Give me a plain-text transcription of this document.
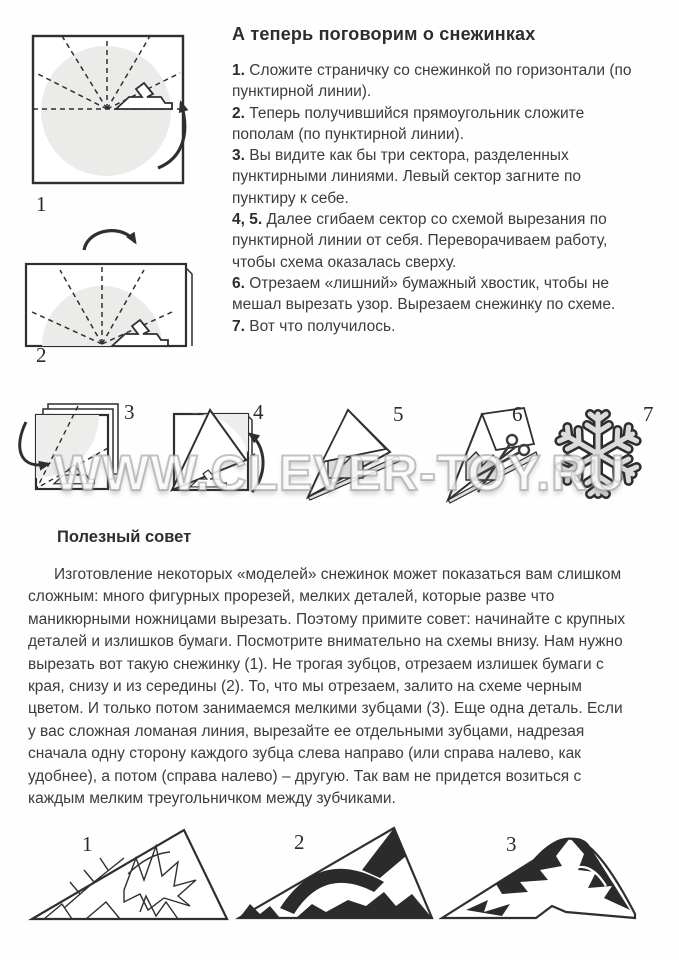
1
А теперь поговорим о снежинках

1. Сложите страничку со снежинкой по горизонтали (по пунктирной линии).

2. Теперь получившийся прямоугольник сложите пополам (по пунктирной линии).

3. Вы видите как бы три сектора, разделенных пунктирными линиями. Левый сектор загните по пунктиру к себе.

4, 5. Далее сгибаем сектор со схемой вырезания по пунктирной линии от себя. Переворачиваем работу, чтобы схема оказалась сверху.

6. Отрезаем «лишний» бумажный хвостик, чтобы не мешал вырезать узор. Вырезаем снежинку по схеме.

7. Вот что получилось.

2
3	4	5	6	7
WWW.CLEVER-TOY.RU
Полезный совет

Изготовление некоторых «моделей» снежинок может показаться вам слишком сложным: много фигурных прорезей, мелких деталей, которые разве что маникюрными ножницами вырезать. Поэтому примите совет: начинайте с крупных деталей и излишков бумаги. Посмотрите внимательно на схемы внизу. Нам нужно вырезать вот такую снежинку (1). Не трогая зубцов, отрезаем излишек бумаги с края, снизу и из середины (2). То, что мы отрезаем, залито на схеме черным цветом. И только потом занимаемся мелкими зубцами (3). Еще одна деталь. Если у вас сложная ломаная линия, вырезайте ее отдельными зубцами, надрезая сначала одну сторону каждого зубца слева направо (или справа налево, как удобнее), а потом (справа налево) – другую. Так вам не придется возиться с каждым мелким треугольничком между зубчиками.

1	2	3
